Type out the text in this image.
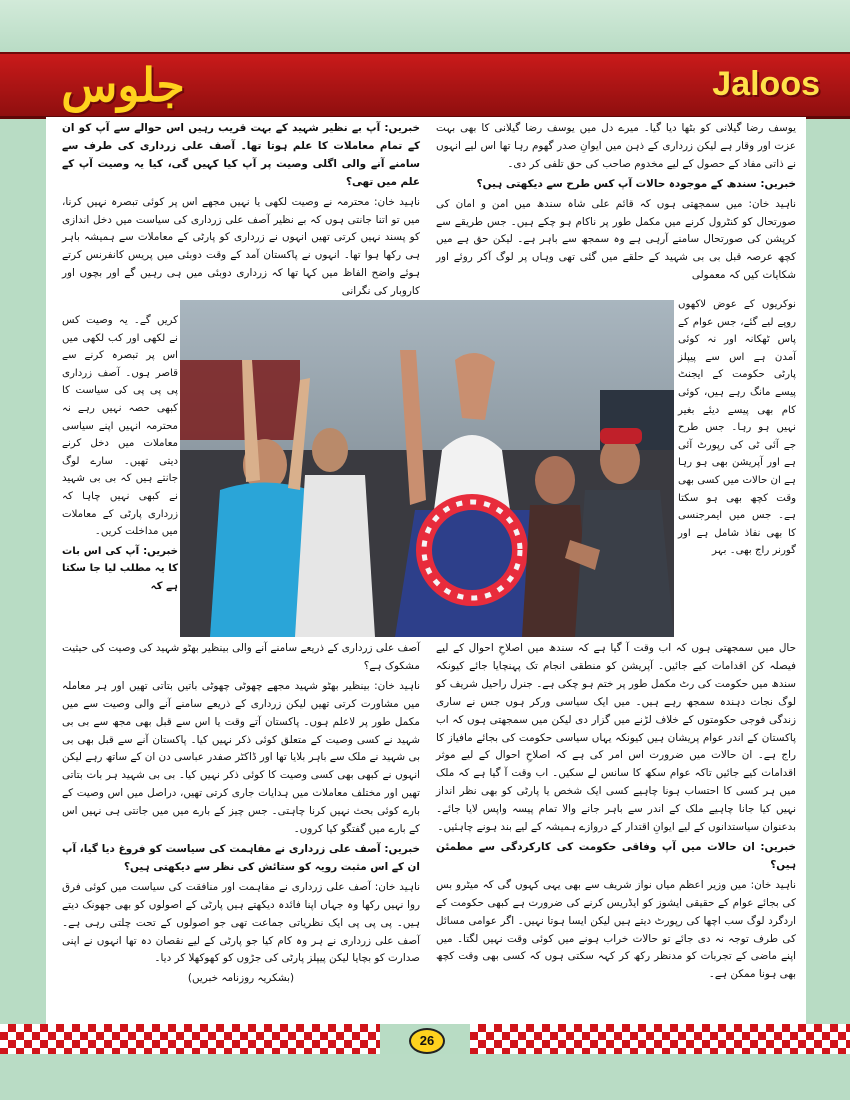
جلوس	Jaloos

یوسف رضا گیلانی کو بٹھا دیا گیا۔ میرے دل میں یوسف رضا گیلانی کا بھی بہت عزت اور وقار ہے لیکن زرداری کے ذہن میں ایوانِ صدر گھوم رہا تھا اس لیے انہوں نے ذاتی مفاد کے حصول کے لیے مخدوم صاحب کی حق تلفی کر دی۔

خبریں: سندھ کے موجودہ حالات آپ کس طرح سے دیکھتی ہیں؟

ناہید خان: میں سمجھتی ہوں کہ قائم علی شاہ سندھ میں امن و امان کی صورتحال کو کنٹرول کرنے میں مکمل طور پر ناکام ہو چکے ہیں۔ جس طریقے سے کرپشن کی صورتحال سامنے آرہی ہے وہ سمجھ سے باہر ہے۔ لیکن حق ہے میں کچھ عرصہ قبل بی بی شہید کے حلقے میں گئی تھی وہاں پر لوگ آکر روئے اور شکایات کیں کہ معمولی

نوکریوں کے عوض لاکھوں روپے لیے گئے، جس عوام کے پاس ٹھکانہ اور نہ کوئی آمدن ہے اس سے پیپلز پارٹی حکومت کے ایجنٹ پیسے مانگ رہے ہیں، کوئی کام بھی پیسے دیئے بغیر نہیں ہو رہا۔ جس طرح جے آئی ٹی کی رپورٹ آئی ہے اور آپریشن بھی ہو رہا ہے ان حالات میں کسی بھی وقت کچھ بھی ہو سکتا ہے۔ جس میں ایمرجنسی کا بھی نفاذ شامل ہے اور گورنر راج بھی۔ بہر

خبریں: آپ بے نظیر شہید کے بہت قریب رہیں اس حوالے سے آپ کو ان کے تمام معاملات کا علم ہوتا تھا۔ آصف علی زرداری کی طرف سے سامنے آنے والی اگلی وصیت پر آپ کیا کہیں گی، کیا یہ وصیت آپ کے علم میں تھی؟

ناہید خان: محترمہ نے وصیت لکھی یا نہیں مجھے اس پر کوئی تبصرہ نہیں کرنا، میں تو اتنا جانتی ہوں کہ بے نظیر آصف علی زرداری کی سیاست میں دخل اندازی کو پسند نہیں کرتی تھیں انہوں نے زرداری کو پارٹی کے معاملات سے ہمیشہ باہر ہی رکھا ہوا تھا۔ انہوں نے پاکستان آمد کے وقت دوبئی میں پریس کانفرنس کرتے ہوئے واضح الفاظ میں کہا تھا کہ زرداری دوبئی میں ہی رہیں گے اور بچوں اور کاروبار کی نگرانی

کریں گے۔ یہ وصیت کس نے لکھی اور کب لکھی میں اس پر تبصرہ کرنے سے قاصر ہوں۔ آصف زرداری پی پی پی کی سیاست کا کبھی حصہ نہیں رہے نہ محترمہ انہیں اپنے سیاسی معاملات میں دخل کرنے دیتی تھیں۔ سارے لوگ جانتے ہیں کہ بی بی شہید نے کبھی نہیں چاہا کہ زرداری پارٹی کے معاملات میں مداخلت کریں۔

خبریں: آپ کی اس بات کا یہ مطلب لیا جا سکتا ہے کہ

حال میں سمجھتی ہوں کہ اب وقت آ گیا ہے کہ سندھ میں اصلاحِ احوال کے لیے فیصلہ کن اقدامات کیے جائیں۔ آپریشن کو منطقی انجام تک پہنچایا جائے کیونکہ سندھ میں حکومت کی رٹ مکمل طور پر ختم ہو چکی ہے۔ جنرل راحیل شریف کو لوگ نجات دہندہ سمجھ رہے ہیں۔ میں ایک سیاسی ورکر ہوں جس نے ساری زندگی فوجی حکومتوں کے خلاف لڑنے میں گزار دی لیکن میں سمجھتی ہوں کہ اب پاکستان کے اندر عوام پریشان ہیں کیونکہ یہاں سیاسی حکومت کی بجائے مافیاز کا راج ہے۔ ان حالات میں ضرورت اس امر کی ہے کہ اصلاحِ احوال کے لیے موثر اقدامات کیے جائیں تاکہ عوام سکھ کا سانس لے سکیں۔ اب وقت آ گیا ہے کہ ملک میں ہر کسی کا احتساب ہونا چاہیے کسی ایک شخص یا پارٹی کو بھی نظر انداز نہیں کیا جانا چاہیے ملک کے اندر سے باہر جانے والا تمام پیسہ واپس لایا جائے۔ بدعنوان سیاستدانوں کے لیے ایوانِ اقتدار کے دروازے ہمیشہ کے لیے بند ہونے چاہئیں۔

خبریں: ان حالات میں آپ وفاقی حکومت کی کارکردگی سے مطمئن ہیں؟

ناہید خان: میں وزیر اعظم میاں نواز شریف سے بھی یہی کہوں گی کہ میٹرو بس کی بجائے عوام کے حقیقی ایشوز کو ایڈریس کرنے کی ضرورت ہے کبھی حکومت کے اردگرد لوگ سب اچھا کی رپورٹ دیتے ہیں لیکن ایسا ہوتا نہیں۔ اگر عوامی مسائل کی طرف توجہ نہ دی جائے تو حالات خراب ہونے میں کوئی وقت نہیں لگتا۔ میں اپنے ماضی کے تجربات کو مدنظر رکھ کر کہہ سکتی ہوں کہ کسی بھی وقت کچھ بھی ہونا ممکن ہے۔

آصف علی زرداری کے ذریعے سامنے آنے والی بینظیر بھٹو شہید کی وصیت کی حیثیت مشکوک ہے؟

ناہید خان: بینظیر بھٹو شہید مجھے چھوٹی چھوٹی باتیں بتاتی تھیں اور ہر معاملہ میں مشاورت کرتی تھیں لیکن زرداری کے ذریعے سامنے آنے والی وصیت سے میں مکمل طور پر لاعلم ہوں۔ پاکستان آتے وقت یا اس سے قبل بھی مجھ سے بی بی شہید نے کسی وصیت کے متعلق کوئی ذکر نہیں کیا۔ پاکستان آنے سے قبل بھی بی بی شہید نے ملک سے باہر بلایا تھا اور ڈاکٹر صفدر عباسی دن ان کے ساتھ رہے لیکن انہوں نے کبھی بھی کسی وصیت کا کوئی ذکر نہیں کیا۔ بی بی شہید ہر بات بتاتی تھیں اور مختلف معاملات میں ہدایات جاری کرتی تھیں، دراصل میں اس وصیت کے بارے کوئی بحث نہیں کرنا چاہتی۔ جس چیز کے بارے میں میں جانتی ہی نہیں اس کے بارے میں گفتگو کیا کروں۔

خبریں: آصف علی زرداری نے مفاہمت کی سیاست کو فروغ دیا گیا، آپ ان کے اس مثبت رویہ کو ستائش کی نظر سے دیکھتی ہیں؟

ناہید خان: آصف علی زرداری نے مفاہمت اور منافقت کی سیاست میں کوئی فرق روا نہیں رکھا وہ جہاں اپنا فائدہ دیکھتے ہیں پارٹی کے اصولوں کو بھی جھونک دیتے ہیں۔ پی پی پی ایک نظریاتی جماعت تھی جو اصولوں کے تحت چلتی رہی ہے۔ آصف علی زرداری نے ہر وہ کام کیا جو پارٹی کے لیے نقصان دہ تھا انہوں نے اپنی صدارت کو بچایا لیکن پیپلز پارٹی کی جڑوں کو کھوکھلا کر دیا۔

(بشکریہ روزنامہ خبریں)

26
